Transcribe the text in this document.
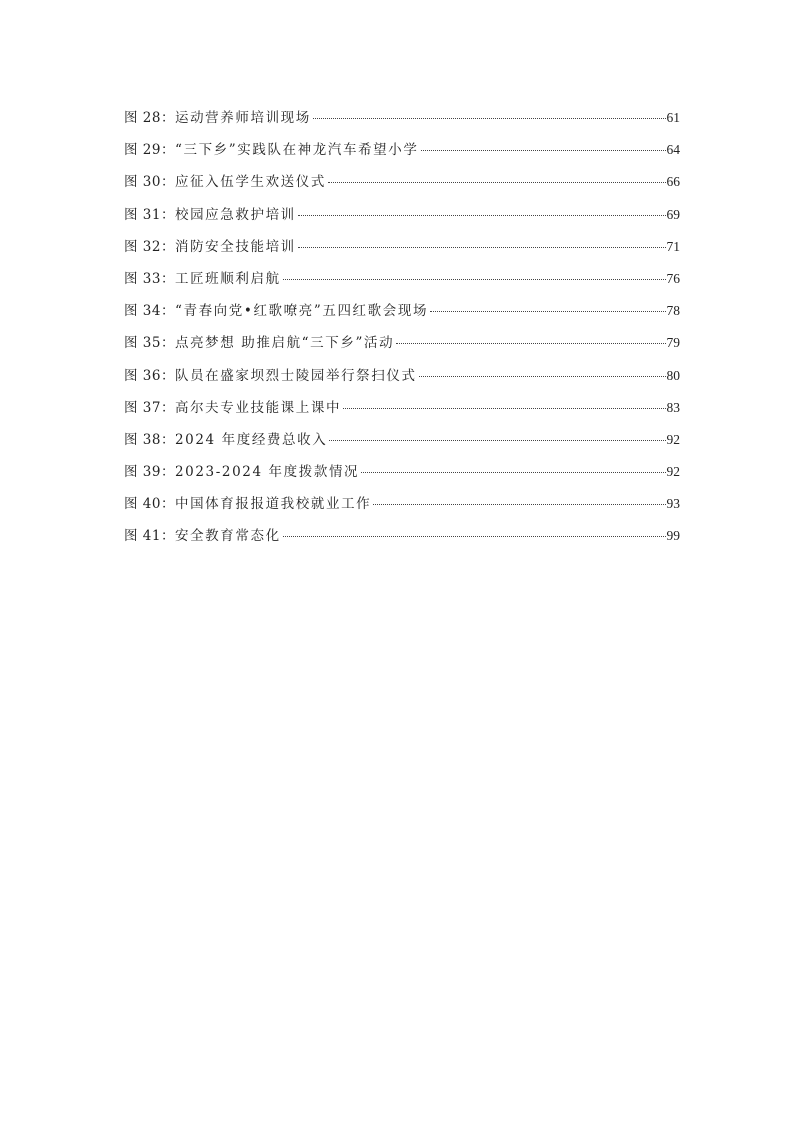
图 28： 运动营养师培训现场	61
图 29： “三下乡”实践队在神龙汽车希望小学	64
图 30： 应征入伍学生欢送仪式	66
图 31： 校园应急救护培训	69
图 32： 消防安全技能培训	71
图 33： 工匠班顺利启航	76
图 34： “青春向党•红歌嘹亮”五四红歌会现场	78
图 35： 点亮梦想 助推启航“三下乡”活动	79
图 36： 队员在盛家坝烈士陵园举行祭扫仪式	80
图 37： 高尔夫专业技能课上课中	83
图 38： 2024 年度经费总收入	92
图 39： 2023-2024 年度拨款情况	92
图 40： 中国体育报报道我校就业工作	93
图 41： 安全教育常态化	99
